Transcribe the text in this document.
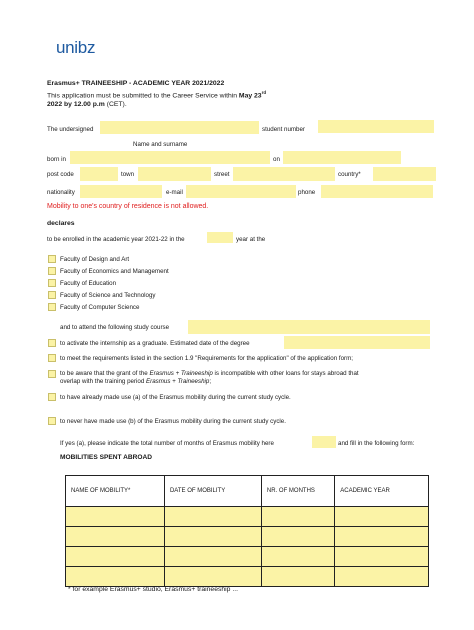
unibz
Erasmus+ TRAINEESHIP - ACADEMIC YEAR 2021/2022
This application must be submitted to the Career Service within May 23rd
2022 by 12.00 p.m (CET).
The undersigned	student number
Name and surname
born in	on
post code	town	street	country*
nationality	e-mail	phone
Mobility to one's country of residence is not allowed.
declares
to be enrolled in the academic year 2021-22 in the	year at the
Faculty of Design and Art
Faculty of Economics and Management
Faculty of Education
Faculty of Science and Technology
Faculty of Computer Science
and to attend the following study course
to activate the internship as a graduate. Estimated date of the degree
to meet the requirements listed in the section 1.9 "Requirements for the application" of the application form;
to be aware that the grant of the Erasmus + Traineeship is incompatible with other loans for stays abroad that
overlap with the training period Erasmus + Traineeship;
to have already made use (a) of the Erasmus mobility during the current study cycle.
to never have made use (b) of the Erasmus mobility during the current study cycle.
If yes (a), please indicate the total number of months of Erasmus mobility here	and fill in the following form:
MOBILITIES SPENT ABROAD
NAME OF MOBILITY*	DATE OF MOBILITY	NR. OF MONTHS	ACADEMIC YEAR

* for example Erasmus+ studio, Erasmus+ traineeship ...
